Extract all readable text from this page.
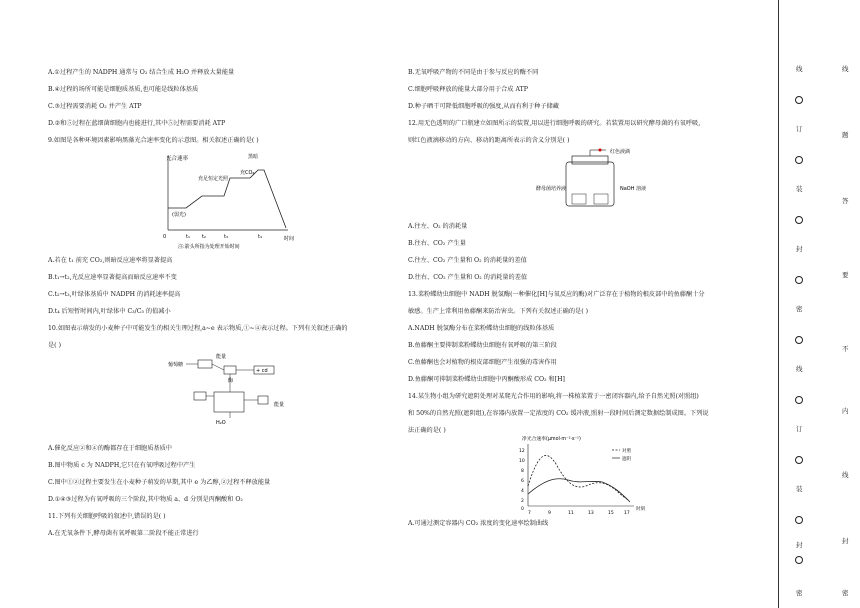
A.①过程产生的 NADPH 通常与 O₂ 结合生成 H₂O 并释放大量能量
B.④过程的场所可能是细胞质基质,也可能是线粒体基质
C.③过程需要消耗 O₂ 并产生 ATP
D.②和⑤过程在蓝细菌细胞内也能进行,其中⑤过程需要消耗 ATP
9.如图是各种环境因素影响黑藻光合速率变化的示意图。相关叙述正确的是( )
光合速率
充足恒定光照
黑暗
充CO₂
(弱光)
0	t₁ t₂	t₃	t₄	时间
注:箭头所指为处理开始时间
A.若在 t₁ 前充 CO₂,则暗反应速率将显著提高
B.t₁→t₂,光反应速率显著提高而暗反应速率不变
C.t₂→t₃,叶绿体基质中 NADPH 的消耗速率提高
D.t₄ 后短暂时间内,叶绿体中 C₃/C₅ 的值减小
10.如图表示萌发的小麦种子中可能发生的相关生理过程,a~e 表示物质,①~④表示过程。下列有关叙述正确的
是( )
葡萄糖
能量
+ cd
酶
能量
H₂O
A.催化反应②和④的酶都存在于细胞质基质中
B.图中物质 c 为 NADPH,它只在有氧呼吸过程中产生
C.图中①②过程主要发生在小麦种子萌发的早期,其中 e 为乙醇,②过程不释放能量
D.①④③过程为有氧呼吸的三个阶段,其中物质 a、d 分别是丙酮酸和 O₂
11.下列有关细胞呼吸的叙述中,错误的是( )
A.在无氧条件下,酵母菌有氧呼吸第二阶段不能正常进行
B.无氧呼吸产物的不同是由于参与反应的酶不同
C.细胞呼吸释放的能量大部分用于合成 ATP
D.种子晒干可降低细胞呼吸的强度,从而有利于种子储藏
12.用无色透明的广口瓶建立如图所示的装置,用以进行细胞呼吸的研究。若装置用以研究酵母菌的有氧呼吸,
则红色液滴移动的方向、移动的距离所表示的含义分别是( )
红色液滴
酵母菌培养液	NaOH 溶液
A.往左、O₂ 的消耗量
B.往右、CO₂ 产生量
C.往左、CO₂ 产生量和 O₂ 的消耗量的差值
D.往右、CO₂ 产生量和 O₂ 的消耗量的差值
13.菜粉蝶幼虫细胞中 NADH 脱氢酶(一种催化[H]与氧反应的酶)对广泛存在于植物的根皮部中的鱼藤酮十分
敏感。生产上常利用鱼藤酮来防治害虫。下列有关叙述正确的是( )
A.NADH 脱氢酶分布在菜粉蝶幼虫细胞的线粒体基质
B.鱼藤酮主要抑制菜粉蝶幼虫细胞有氧呼吸的第三阶段
C.鱼藤酮也会对植物的根皮部细胞产生很强的毒害作用
D.鱼藤酮可抑制菜粉蝶幼虫细胞中丙酮酸形成 CO₂ 和[H]
14.某生物小组为研究遮阴处理对某爬光合作用的影响,将一株植菜置于一密闭容器内,给予自然光照(对照组)
和 50%的自然光照(遮阴组),在容器内放置一定浓度的 CO₂ 缓冲液,照射一段时间后测定数据绘制成图。下列说
法正确的是( )
净光合速率(μmol·m⁻²·s⁻¹)
12
10
8
6
4
2
0
7	9	11	13	15 17
时刻
对照
遮阴
A.可通过测定容器内 CO₂ 浓度的变化速率绘制曲线
线
订
装
封
密
线
订
装
封
密
线
题
答
要
不
内
线
封
密
